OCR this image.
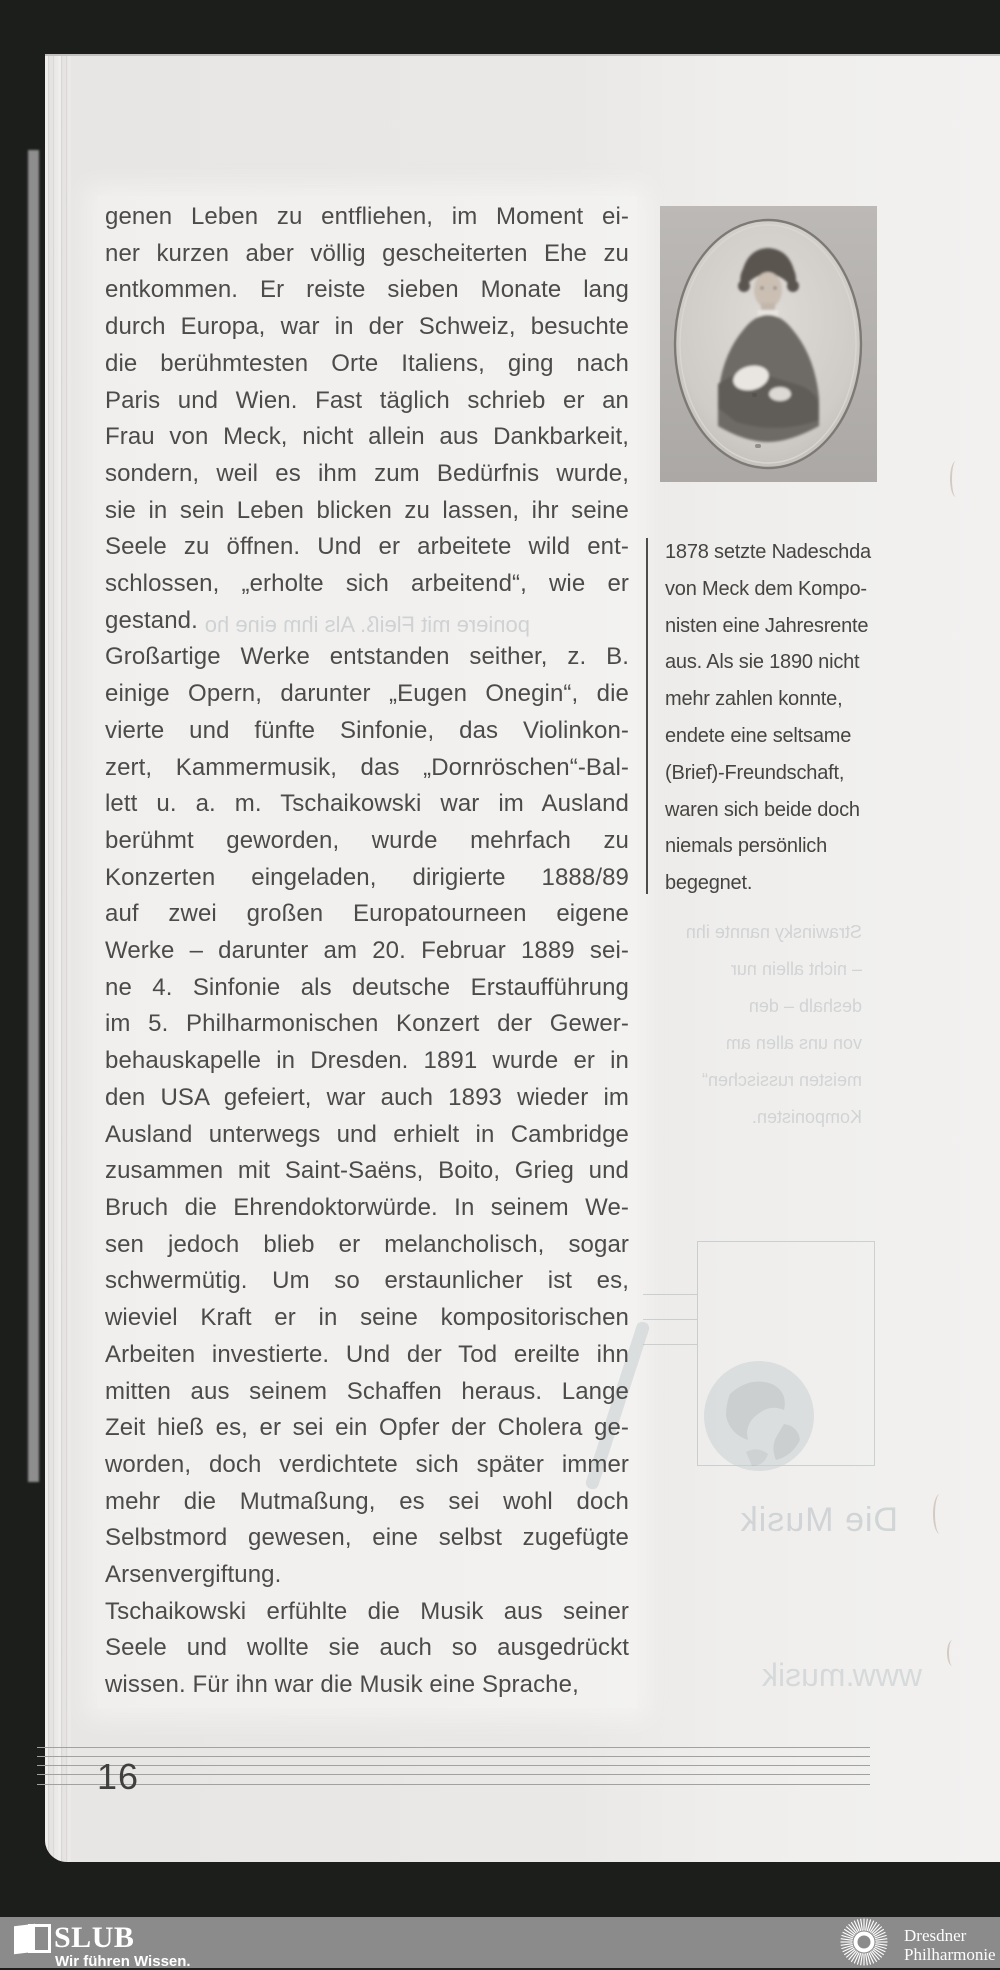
poniere mit Fleiß. Als ihm eine ho
Strawinsky nannte ihn
– nicht allein nur
deshalb – den
von uns allen am
meisten russischen“
Komponisten.
Die Musik
www.musik
genen Leben zu entfliehen, im Moment ei-
ner kurzen aber völlig gescheiterten Ehe zu
entkommen. Er reiste sieben Monate lang
durch Europa, war in der Schweiz, besuchte
die berühmtesten Orte Italiens, ging nach
Paris und Wien. Fast täglich schrieb er an
Frau von Meck, nicht allein aus Dankbarkeit,
sondern, weil es ihm zum Bedürfnis wurde,
sie in sein Leben blicken zu lassen, ihr seine
Seele zu öffnen. Und er arbeitete wild ent-
schlossen, „erholte sich arbeitend“, wie er
gestand.
Großartige Werke entstanden seither, z. B.
einige Opern, darunter „Eugen Onegin“, die
vierte und fünfte Sinfonie, das Violinkon-
zert, Kammermusik, das „Dornröschen“-Bal-
lett u. a. m. Tschaikowski war im Ausland
berühmt geworden, wurde mehrfach zu
Konzerten eingeladen, dirigierte 1888/89
auf zwei großen Europatourneen eigene
Werke – darunter am 20. Februar 1889 sei-
ne 4. Sinfonie als deutsche Erstaufführung
im 5. Philharmonischen Konzert der Gewer-
behauskapelle in Dresden. 1891 wurde er in
den USA gefeiert, war auch 1893 wieder im
Ausland unterwegs und erhielt in Cambridge
zusammen mit Saint-Saëns, Boito, Grieg und
Bruch die Ehrendoktorwürde. In seinem We-
sen jedoch blieb er melancholisch, sogar
schwermütig. Um so erstaunlicher ist es,
wieviel Kraft er in seine kompositorischen
Arbeiten investierte. Und der Tod ereilte ihn
mitten aus seinem Schaffen heraus. Lange
Zeit hieß es, er sei ein Opfer der Cholera ge-
worden, doch verdichtete sich später immer
mehr die Mutmaßung, es sei wohl doch
Selbstmord gewesen, eine selbst zugefügte
Arsenvergiftung.
Tschaikowski erfühlte die Musik aus seiner
Seele und wollte sie auch so ausgedrückt
wissen. Für ihn war die Musik eine Sprache,
1878 setzte Nadeschda
von Meck dem Kompo-
nisten eine Jahresrente
aus. Als sie 1890 nicht
mehr zahlen konnte,
endete eine seltsame
(Brief)-Freundschaft,
waren sich beide doch
niemals persönlich
begegnet.
16
SLUB
Wir führen Wissen.
Dresdner
Philharmonie
